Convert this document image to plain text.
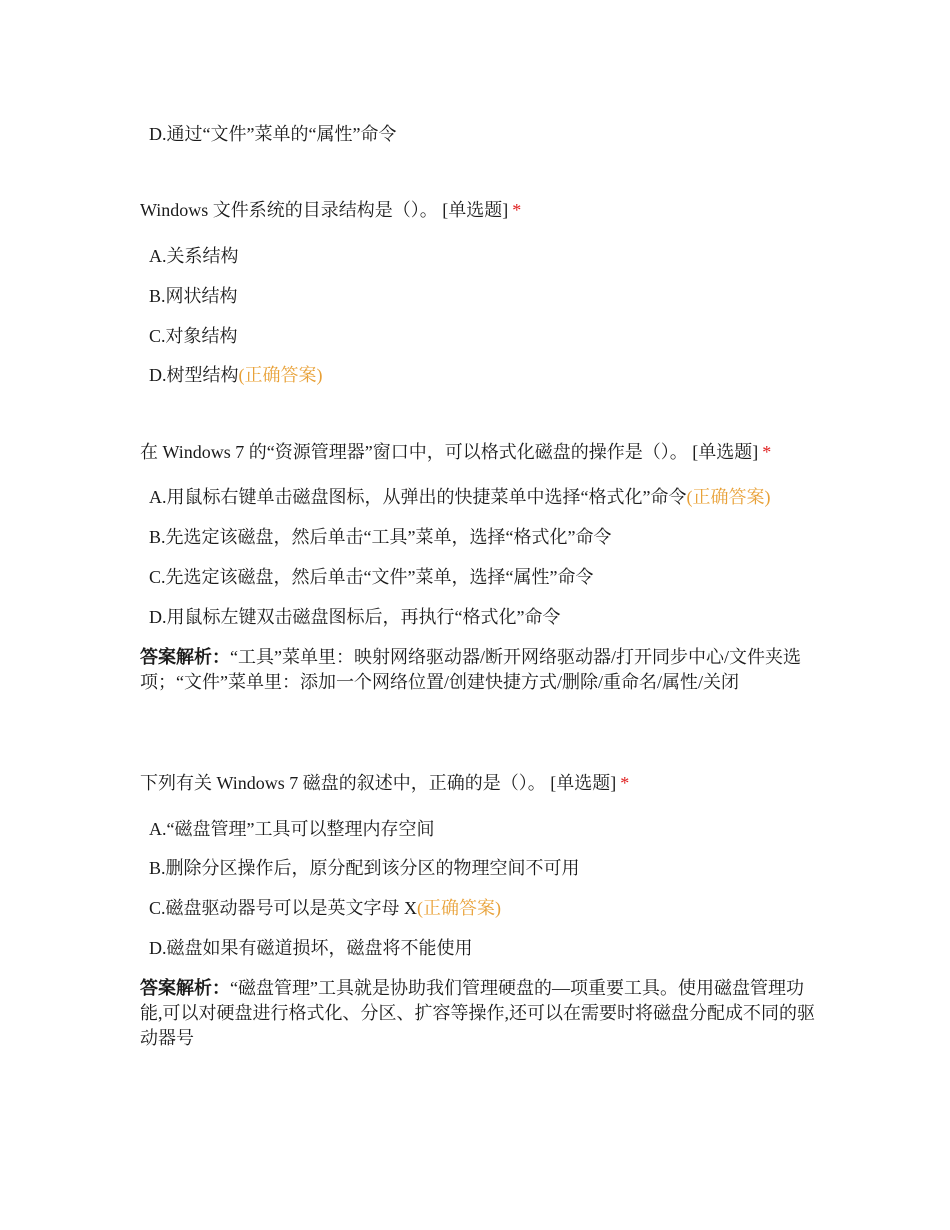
D.通过“文件”菜单的“属性”命令
Windows 文件系统的目录结构是（）。 [单选题] *
A.关系结构
B.网状结构
C.对象结构
D.树型结构(正确答案)
在 Windows 7 的“资源管理器”窗口中，可以格式化磁盘的操作是（）。 [单选题] *
A.用鼠标右键单击磁盘图标，从弹出的快捷菜单中选择“格式化”命令(正确答案)
B.先选定该磁盘，然后单击“工具”菜单，选择“格式化”命令
C.先选定该磁盘，然后单击“文件”菜单，选择“属性”命令
D.用鼠标左键双击磁盘图标后，再执行“格式化”命令
答案解析：“工具”菜单里：映射网络驱动器/断开网络驱动器/打开同步中心/文件夹选项；“文件”菜单里：添加一个网络位置/创建快捷方式/删除/重命名/属性/关闭
下列有关 Windows 7 磁盘的叙述中，正确的是（）。 [单选题] *
A.“磁盘管理”工具可以整理内存空间
B.删除分区操作后，原分配到该分区的物理空间不可用
C.磁盘驱动器号可以是英文字母 X(正确答案)
D.磁盘如果有磁道损坏，磁盘将不能使用
答案解析：“磁盘管理”工具就是协助我们管理硬盘的—项重要工具。使用磁盘管理功能,可以对硬盘进行格式化、分区、扩容等操作,还可以在需要时将磁盘分配成不同的驱动器号
